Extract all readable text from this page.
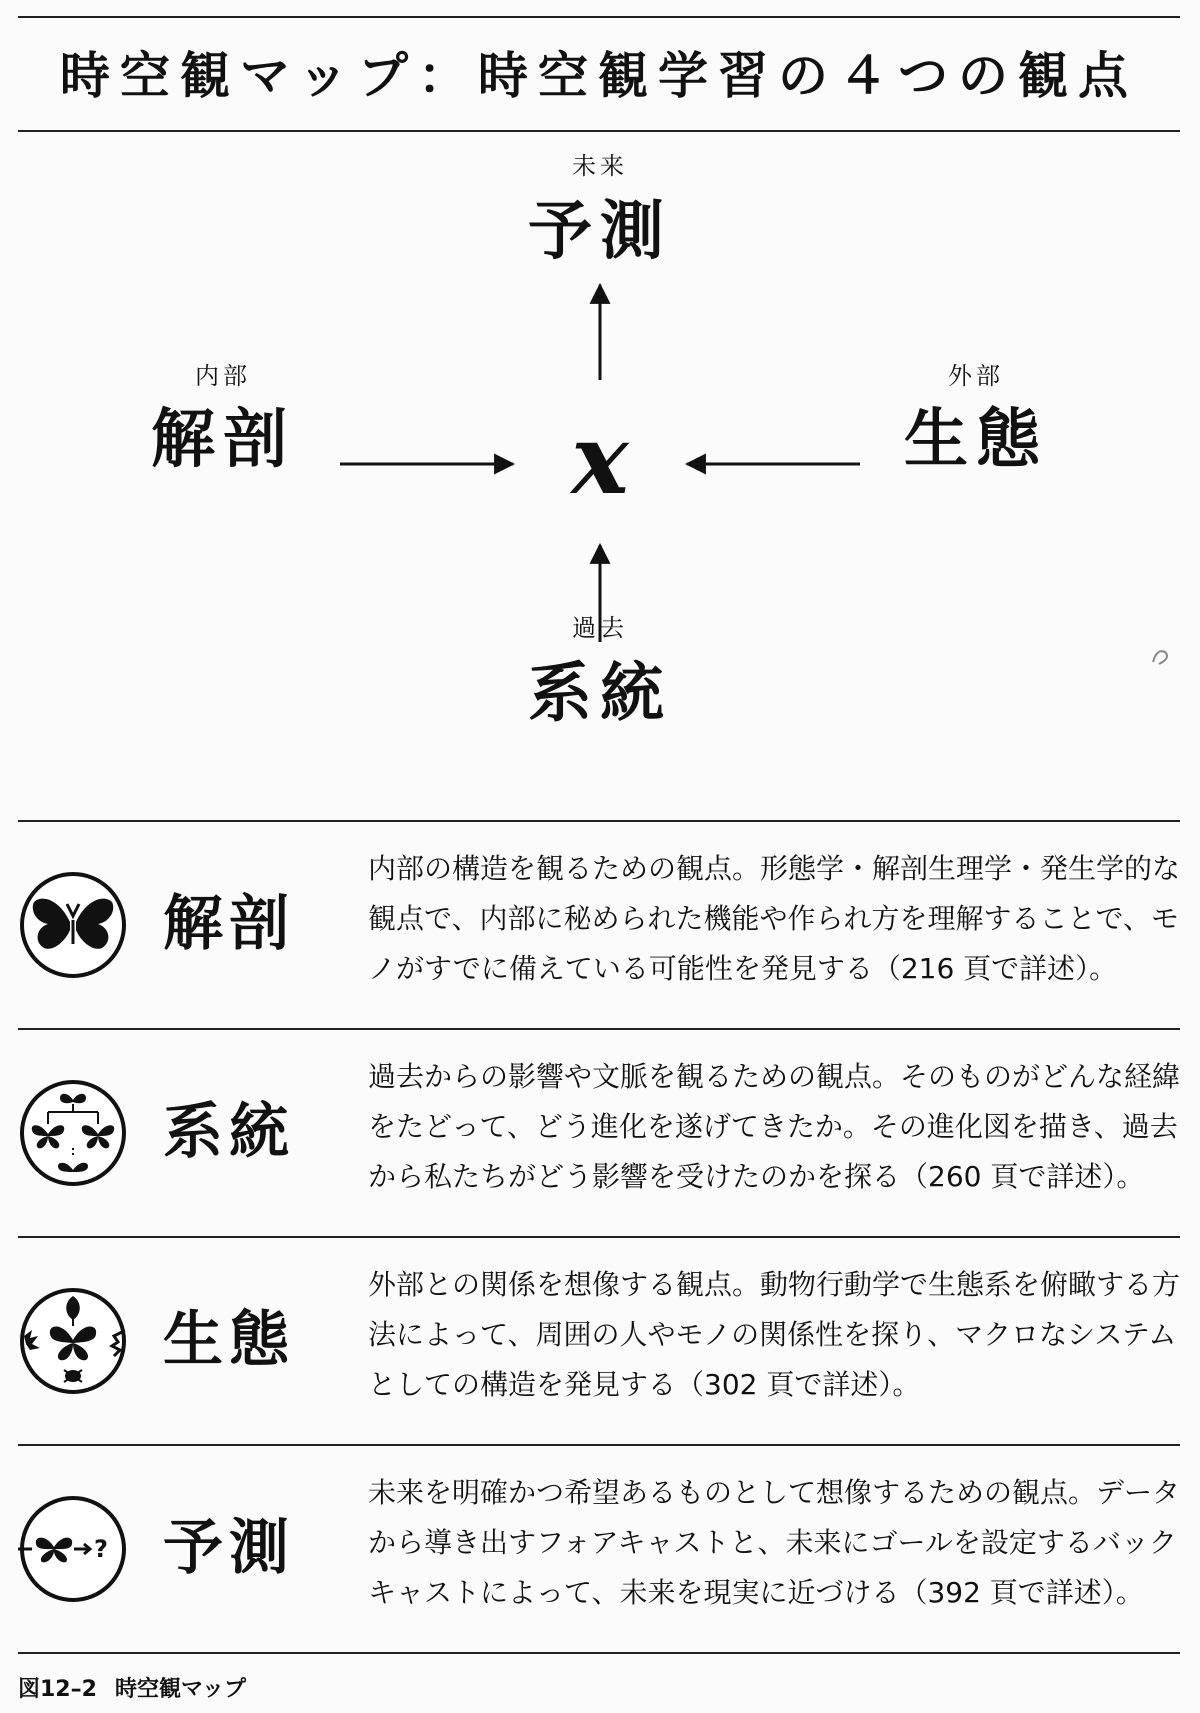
時空観マップ：時空観学習の４つの観点
未来
予測
内部
解剖	x
外部
生態
過去
系統
解剖
内部の構造を観るための観点。形態学・解剖生理学・発生学的な観点で、内部に秘められた機能や作られ方を理解することで、モノがすでに備えている可能性を発見する（216 頁で詳述）。
系統
過去からの影響や文脈を観るための観点。そのものがどんな経緯をたどって、どう進化を遂げてきたか。その進化図を描き、過去から私たちがどう影響を受けたのかを探る（260 頁で詳述）。
生態
外部との関係を想像する観点。動物行動学で生態系を俯瞰する方法によって、周囲の人やモノの関係性を探り、マクロなシステムとしての構造を発見する（302 頁で詳述）。
? 予測
未来を明確かつ希望あるものとして想像するための観点。データから導き出すフォアキャストと、未来にゴールを設定するバックキャストによって、未来を現実に近づける（392 頁で詳述）。
図12–2 時空観マップ
